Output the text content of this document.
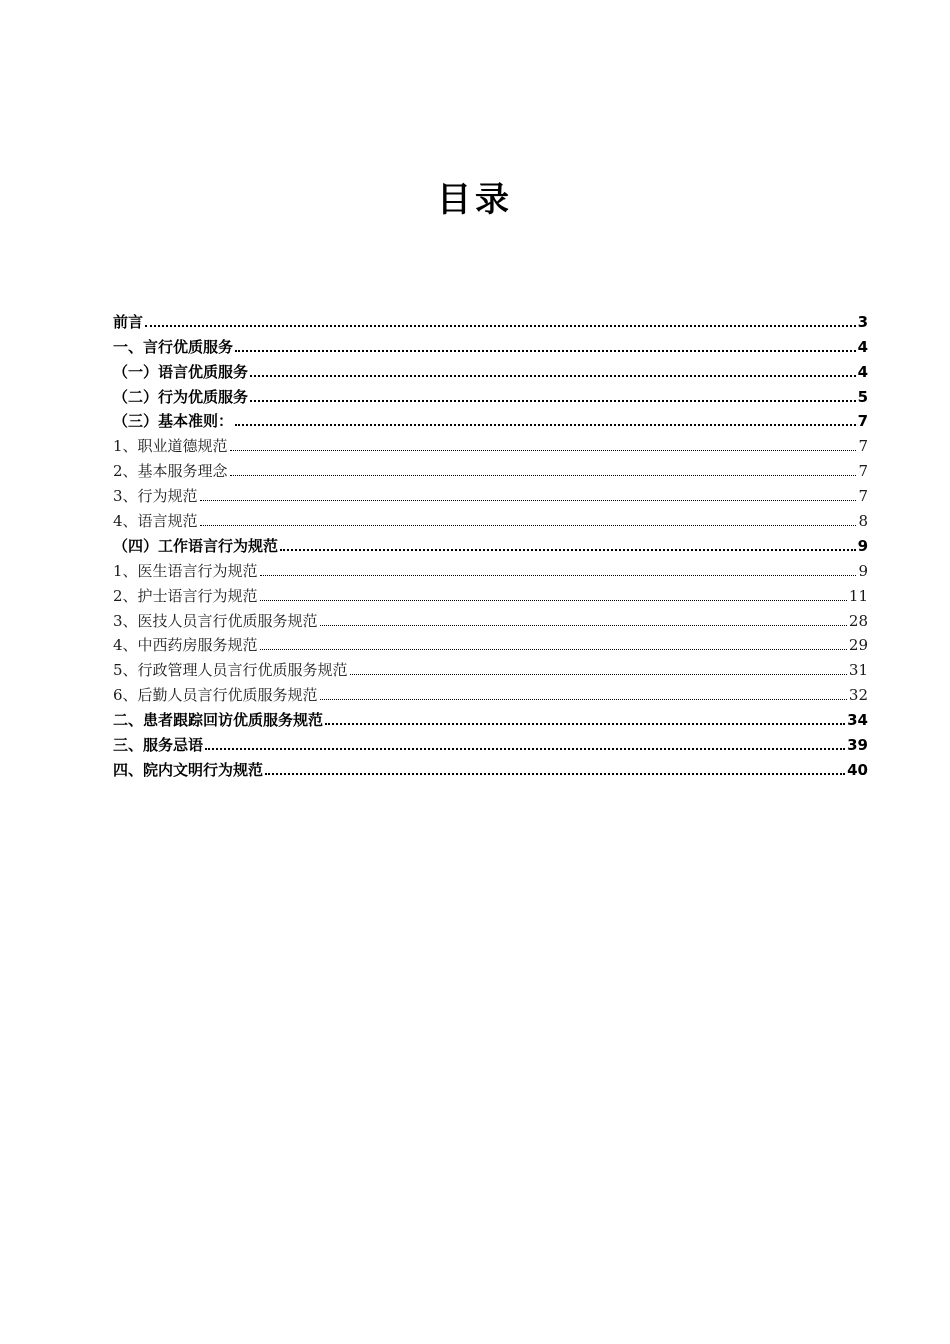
目录
前言	3
一、言行优质服务	4
（一）语言优质服务	4
（二）行为优质服务	5
（三）基本准则：	7
1、职业道德规范	7
2、基本服务理念	7
3、行为规范	7
4、语言规范	8
（四）工作语言行为规范	9
1、医生语言行为规范	9
2、护士语言行为规范	11
3、医技人员言行优质服务规范	28
4、中西药房服务规范	29
5、行政管理人员言行优质服务规范	31
6、后勤人员言行优质服务规范	32
二、患者跟踪回访优质服务规范	34
三、服务忌语	39
四、院内文明行为规范	40
